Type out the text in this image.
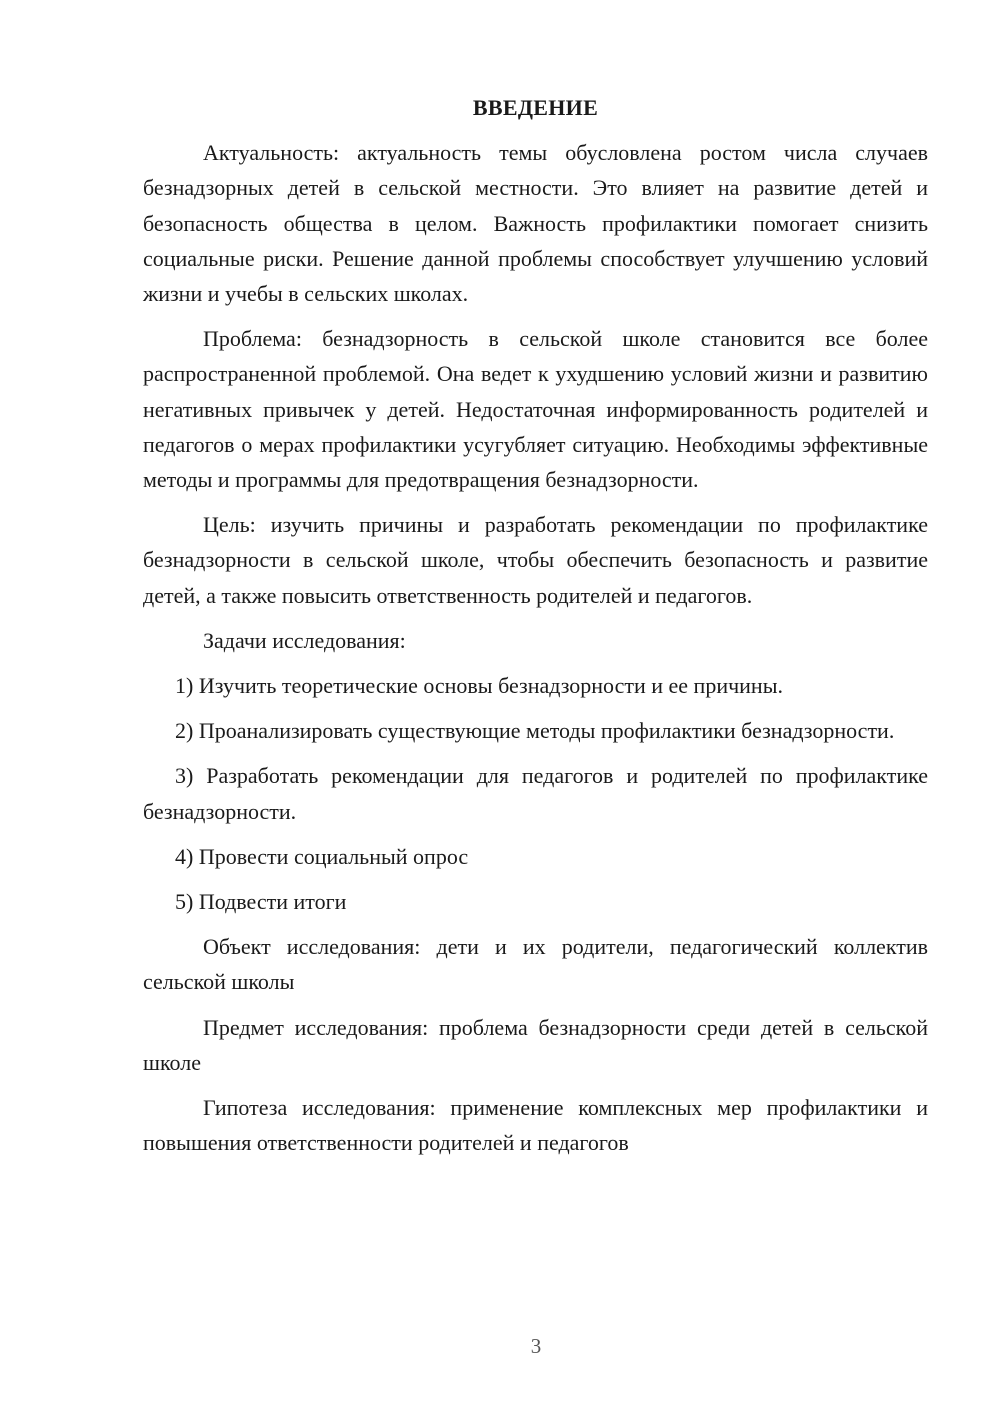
ВВЕДЕНИЕ

Актуальность: актуальность темы обусловлена ростом числа случаев безнадзорных детей в сельской местности. Это влияет на развитие детей и безопасность общества в целом. Важность профилактики помогает снизить социальные риски. Решение данной проблемы способствует улучшению условий жизни и учебы в сельских школах.

Проблема: безнадзорность в сельской школе становится все более распространенной проблемой. Она ведет к ухудшению условий жизни и развитию негативных привычек у детей. Недостаточная информированность родителей и педагогов о мерах профилактики усугубляет ситуацию. Необходимы эффективные методы и программы для предотвращения безнадзорности.

Цель: изучить причины и разработать рекомендации по профилактике безнадзорности в сельской школе, чтобы обеспечить безопасность и развитие детей, а также повысить ответственность родителей и педагогов.

Задачи исследования:

1) Изучить теоретические основы безнадзорности и ее причины.

2) Проанализировать существующие методы профилактики безнадзорности.

3) Разработать рекомендации для педагогов и родителей по профилактике безнадзорности.

4) Провести социальный опрос

5) Подвести итоги

Объект исследования: дети и их родители, педагогический коллектив сельской школы

Предмет исследования: проблема безнадзорности среди детей в сельской школе

Гипотеза исследования: применение комплексных мер профилактики и повышения ответственности родителей и педагогов

3
